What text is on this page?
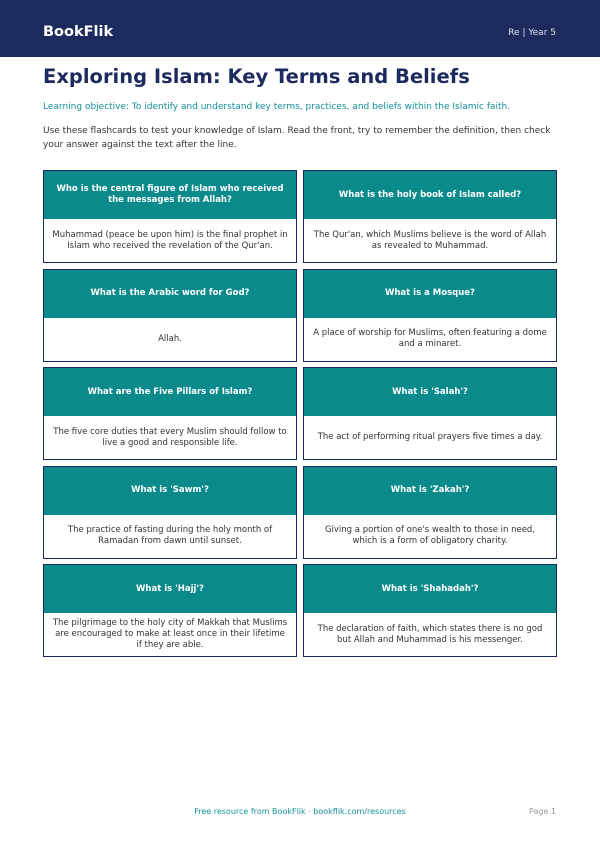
BookFlik	Re | Year 5
Exploring Islam: Key Terms and Beliefs
Learning objective: To identify and understand key terms, practices, and beliefs within the Islamic faith.
Use these flashcards to test your knowledge of Islam. Read the front, try to remember the definition, then check your answer against the text after the line.
Who is the central figure of Islam who received the messages from Allah?
Muhammad (peace be upon him) is the final prophet in Islam who received the revelation of the Qur'an.
What is the holy book of Islam called?
The Qur'an, which Muslims believe is the word of Allah as revealed to Muhammad.
What is the Arabic word for God?
Allah.
What is a Mosque?
A place of worship for Muslims, often featuring a dome and a minaret.
What are the Five Pillars of Islam?
The five core duties that every Muslim should follow to live a good and responsible life.
What is 'Salah'?
The act of performing ritual prayers five times a day.
What is 'Sawm'?
The practice of fasting during the holy month of Ramadan from dawn until sunset.
What is 'Zakah'?
Giving a portion of one's wealth to those in need, which is a form of obligatory charity.
What is 'Hajj'?
The pilgrimage to the holy city of Makkah that Muslims are encouraged to make at least once in their lifetime if they are able.
What is 'Shahadah'?
The declaration of faith, which states there is no god but Allah and Muhammad is his messenger.
Free resource from BookFlik · bookflik.com/resources	Page 1
